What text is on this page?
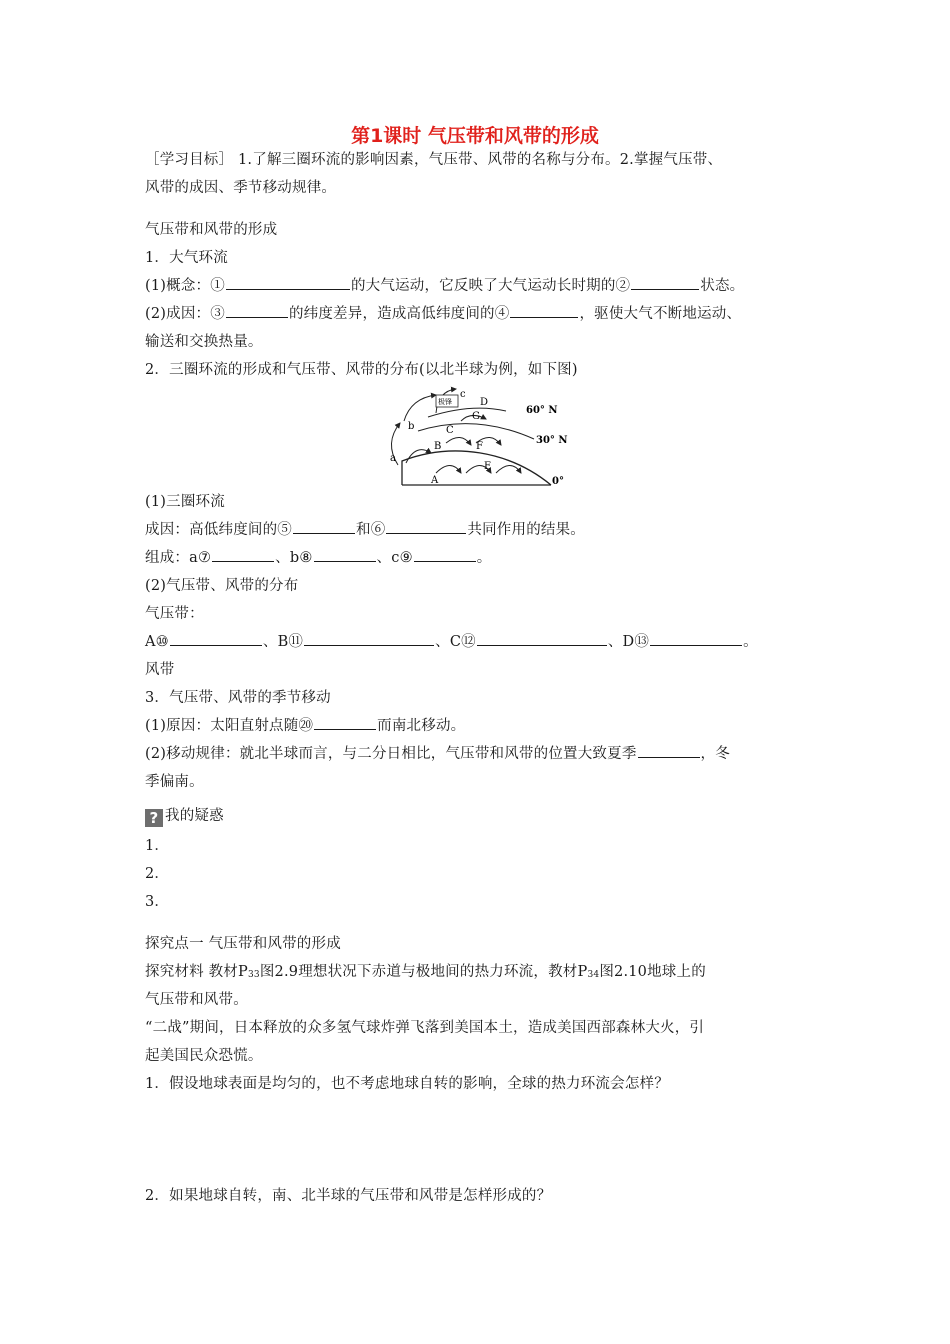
第1课时 气压带和风带的形成
［学习目标］ 1.了解三圈环流的影响因素，气压带、风带的名称与分布。2.掌握气压带、
风带的成因、季节移动规律。
气压带和风带的形成
1．大气环流
(1)概念：①	的大气运动，它反映了大气运动长时期的②	状态。
(2)成因：③	的纬度差异，造成高低纬度间的④	，驱使大气不断地运动、
输送和交换热量。
2．三圈环流的形成和气压带、风带的分布(以北半球为例，如下图)
A
B
C
D
E
F
G
a
b
c
极锋
60° N
30° N
0°
(1)三圈环流
成因：高低纬度间的⑤	和⑥	共同作用的结果。
组成：a⑦	、b⑧	、c⑨	。
(2)气压带、风带的分布
气压带：
A⑩	、B⑪	、C⑫	、D⑬	。
风带
3．气压带、风带的季节移动
(1)原因：太阳直射点随⑳	而南北移动。
(2)移动规律：就北半球而言，与二分日相比，气压带和风带的位置大致夏季	，冬
季偏南。
? 我的疑惑
1．
2．
3．
探究点一 气压带和风带的形成
探究材料 教材$P_{33}$图2.9理想状况下赤道与极地间的热力环流，教材$P_{34}$图2.10地球上的
气压带和风带。
“二战”期间，日本释放的众多氢气球炸弹飞落到美国本土，造成美国西部森林大火，引
起美国民众恐慌。
1．假设地球表面是均匀的，也不考虑地球自转的影响，全球的热力环流会怎样？
2．如果地球自转，南、北半球的气压带和风带是怎样形成的？
